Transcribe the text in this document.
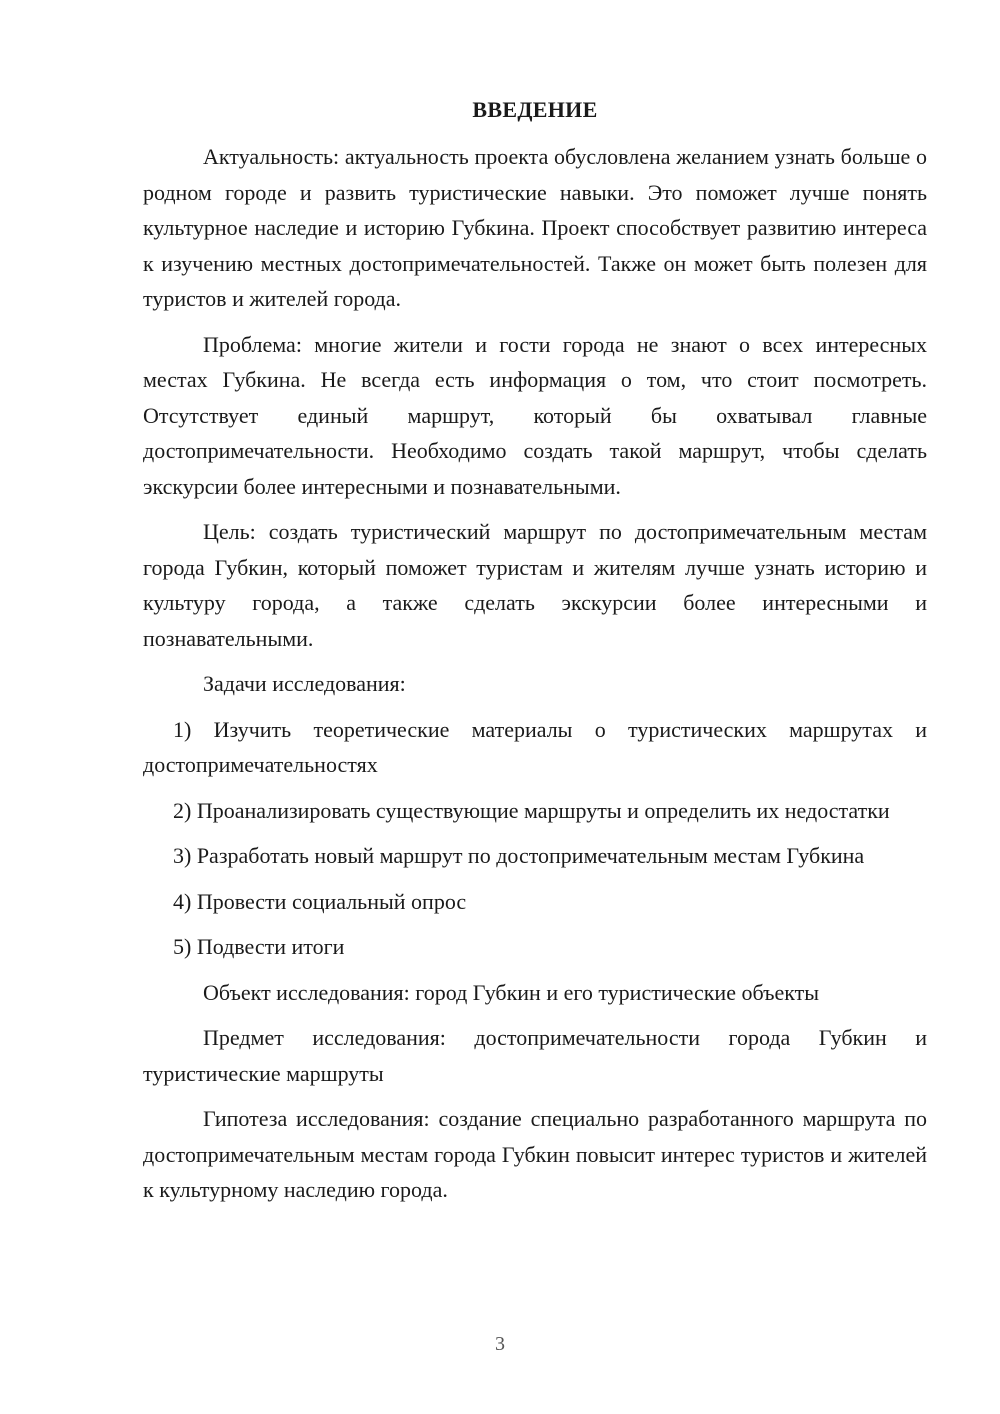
ВВЕДЕНИЕ

Актуальность: актуальность проекта обусловлена желанием узнать больше о родном городе и развить туристические навыки. Это поможет лучше понять культурное наследие и историю Губкина. Проект способствует развитию интереса к изучению местных достопримечательностей. Также он может быть полезен для туристов и жителей города.

Проблема: многие жители и гости города не знают о всех интересных местах Губкина. Не всегда есть информация о том, что стоит посмотреть. Отсутствует единый маршрут, который бы охватывал главные достопримечательности. Необходимо создать такой маршрут, чтобы сделать экскурсии более интересными и познавательными.

Цель: создать туристический маршрут по достопримечательным местам города Губкин, который поможет туристам и жителям лучше узнать историю и культуру города, а также сделать экскурсии более интересными и познавательными.

Задачи исследования:

1) Изучить теоретические материалы о туристических маршрутах и достопримечательностях

2) Проанализировать существующие маршруты и определить их недостатки

3) Разработать новый маршрут по достопримечательным местам Губкина

4) Провести социальный опрос

5) Подвести итоги

Объект исследования: город Губкин и его туристические объекты

Предмет исследования: достопримечательности города Губкин и туристические маршруты

Гипотеза исследования: создание специально разработанного маршрута по достопримечательным местам города Губкин повысит интерес туристов и жителей к культурному наследию города.

3
